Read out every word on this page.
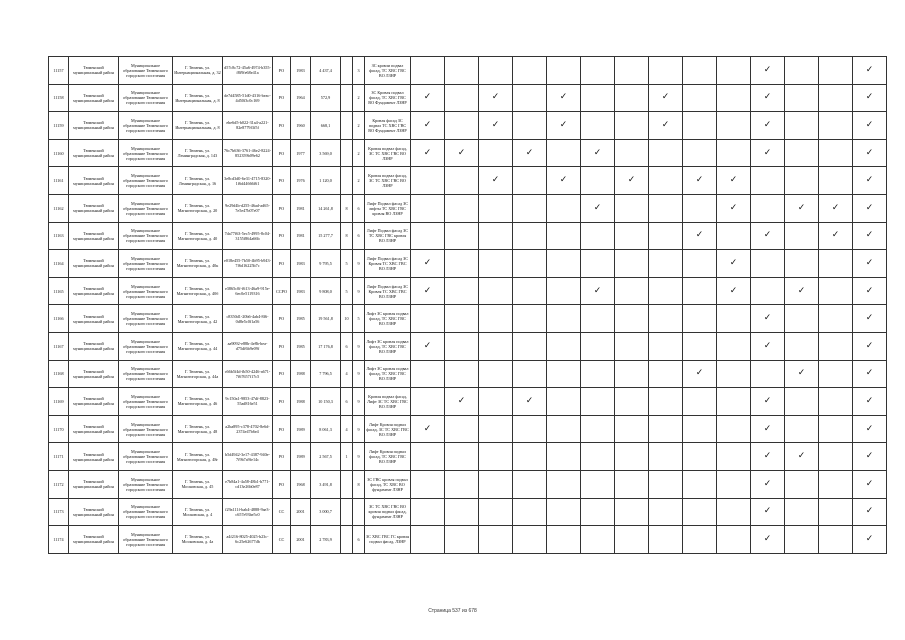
11157	Тюменский муниципальный район	Муниципальное образование Тюменского городского поселения	Г. Тюмень, ул. Интернациональная, д. 32	d57c8c72-45a6-4974-b355-f8f9fe68e41a	РО	1983	4 437,4		3	ЗС кровли подвал фасад, ТС ХВС ГВС ВО ЛЗНР											✓			✓
11158	Тюменский муниципальный район	Муниципальное образование Тюменского городского поселения	Г. Тюмень, ул. Интернациональная, д. 8	de7d4585-51d0-4316-beac-4d50f3c0c169	РО	1964	572,9		2	ЗС Кровля подвал фасад, ТС ХВС ГВС ВО Фундамент ЛЗНР	✓		✓		✓			✓			✓			✓
11159	Тюменский муниципальный район	Муниципальное образование Тюменского городского поселения	Г. Тюмень, ул. Интернациональная, д. 8	ebe6d5-b022-31a4-a221-82e8779f3f5f	РО	1960	668,1		2	Кровля фасад ЗС подвал ТС ХВС ГВС ВО Фундамент ЛЗНР	✓		✓		✓			✓			✓			✓
11160	Тюменский муниципальный район	Муниципальное образование Тюменского городского поселения	Г. Тюмень, ул. Ленинградская, д. 143	76c7b636-3761-46e2-8224-852359b09e62	РО	1977	3 569,0		2	Кровля подвал фасад, ЗС ТС ХВС ГВС ВО ЛЗНР	✓	✓		✓		✓					✓			✓
11161	Тюменский муниципальный район	Муниципальное образование Тюменского городского поселения	Г. Тюмень, ул. Ленинградская, д. 16	3e8cd3d0-6e31-4715-8320-1f6d44666f61	РО	1976	1 120,0		2	Кровля подвал фасад, ЗС ТС ХВС ГВС ВО ЛЗНР			✓		✓		✓		✓	✓				✓
11162	Тюменский муниципальный район	Муниципальное образование Тюменского городского поселения	Г. Тюмень, ул. Магнитогорская, д. 20	9e29d4b-d255-46ad-ad65-7e5e47b07e07	РО	1981	14 261,8	8	6	Лифт Подвал фасад ЗС лифты ТС ХВС ГВС кровля ВО ЛЗНР						✓				✓		✓	✓	✓
11163	Тюменский муниципальный район	Муниципальное образование Тюменского городского поселения	Г. Тюмень, ул. Магнитогорская, д. 40	7da77f63-5ec5-4995-8c04-3155f864a66b	РО	1981	15 277,7	8	6	Лифт Подвал фасад ЗС ТС ХВС ГВС кровля ВО ЛЗНР									✓		✓		✓	✓
11164	Тюменский муниципальный район	Муниципальное образование Тюменского городского поселения	Г. Тюмень, ул. Магнитогорская, д. 40к	e018e455-7b50-4b95-b943-7f6d16225b7c	РО	1983	9 795,5	5	9	Лифт Подвал фасад ЗС Кровля ТС ХВС ГВС ВО ЛЗНР	✓									✓				✓
11165	Тюменский муниципальный район	Муниципальное образование Тюменского городского поселения	Г. Тюмень, ул. Магнитогорская, д. 40б	e3865c0f-f613-46a9-915e-6ec0e5119316	ССРО	1983	9 808,0	5	9	Лифт Подвал фасад ЗС Кровля ТС ХВС ГВС ВО ЛЗНР	✓					✓				✓		✓		✓
11166	Тюменский муниципальный район	Муниципальное образование Тюменского городского поселения	Г. Тюмень, ул. Магнитогорская, д. 42	c8350d1-20b6-4ab4-8f6-0d8e5c0f1a56	РО	1985	19 561,8	10	5	Лифт ЗС кровля подвал фасад, ТС ХВС ГВС ВО ЛЗНР											✓			✓
11167	Тюменский муниципальный район	Муниципальное образование Тюменского городского поселения	Г. Тюмень, ул. Магнитогорская, д. 44	aa9092-e88b-4e8b-bea-d75df6b9e09f	РО	1985	17 176,8	6	9	Лифт ЗС кровля подвал фасад, ТС ХВС ГВС ВО ЛЗНР	✓										✓			✓
11168	Тюменский муниципальный район	Муниципальное образование Тюменского городского поселения	Г. Тюмень, ул. Магнитогорская, д. 44а	c66b5f4d-fb50-4246-a671-7f67657f17c5	РО	1988	7 796,5	4	9	Лифт ЗС кровля подвал фасад, ТС ХВС ГВС ВО ЛЗНР									✓			✓		✓
11169	Тюменский муниципальный район	Муниципальное образование Тюменского городского поселения	Г. Тюмень, ул. Магнитогорская, д. 46	9c150a1-9853-47df-8823-55ad816e51	РО	1988	10 150,3	6	9	Кровля подвал фасад, Лифт ЗС ТС ХВС ГВС ВО ЛЗНР		✓		✓							✓			✓
11170	Тюменский муниципальный район	Муниципальное образование Тюменского городского поселения	Г. Тюмень, ул. Магнитогорская, д. 48	a2ba895-c378-4702-8e6d-2374e47b6e4	РО	1989	8 061,3	4	9	Лифт Кровля подвал фасад, ЗС ТС ХВС ГВС ВО ЛЗНР	✓										✓			✓
11171	Тюменский муниципальный район	Муниципальное образование Тюменского городского поселения	Г. Тюмень, ул. Магнитогорская, д. 48г	b5d4942-3e17-4387-940e-7f9b7a9fe14c	РО	1989	2 567,5	1	9	Лифт Кровля подвал фасад, ТС ХВС ГВС ВО ЛЗНР											✓	✓		✓
11172	Тюменский муниципальный район	Муниципальное образование Тюменского городского поселения	Г. Тюмень, ул. Московская, д. 45	e7b84a1-4a58-48b1-b771-cd13e26b0e87	РО	1968	3 491,8		8	ЗС ГВС кровля подвал фасад, ТС ХВС ВО фундамент ЛЗНР											✓			✓
11173	Тюменский муниципальный район	Муниципальное образование Тюменского городского поселения	Г. Тюмень, ул. Московская, д. 4	f29a111f-bab4-4888-9ae3-c657e93be5c0	СС	2001	3 000,7			ЗС ТС ХВС ГВС ВО кровля подвал фасад, фундамент ЛЗНР											✓			✓
11174	Тюменский муниципальный район	Муниципальное образование Тюменского городского поселения	Г. Тюмень, ул. Московская, д. 4а	a4f216-8025-4025-b23c-6c25e62677db	СС	2001	2 783,9		6	ЗС ХВС ГВС ГС кровля подвал фасад, ЛЗНР											✓			✓
Страница 537 из 678
